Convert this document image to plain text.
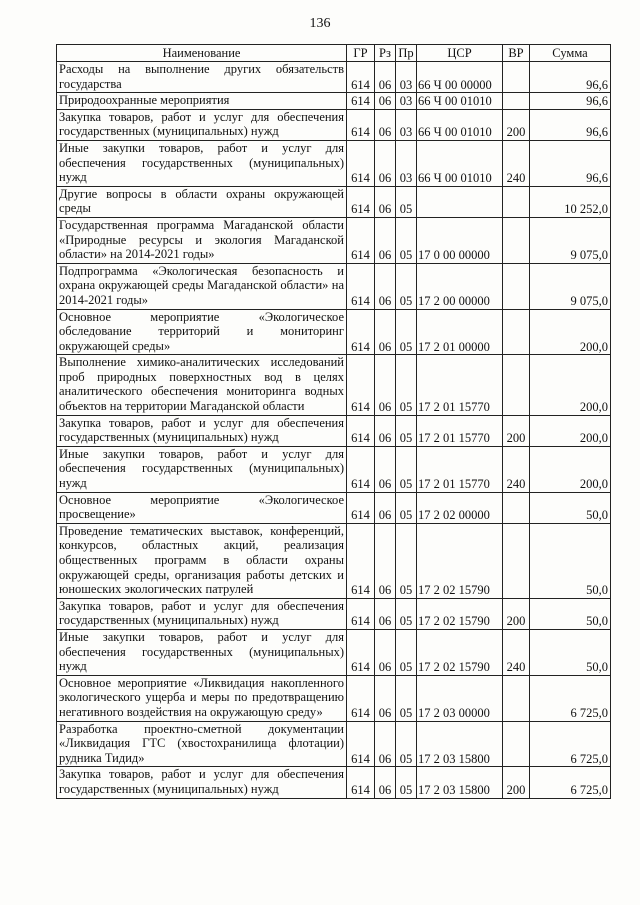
136
Наименование	ГР	Рз	Пр	ЦСР	ВР	Сумма
Расходы на выполнение других обязательств государства	614	06	03	66 Ч 00 00000		96,6
Природоохранные мероприятия	614	06	03	66 Ч 00 01010		96,6
Закупка товаров, работ и услуг для обеспечения государственных (муниципальных) нужд	614	06	03	66 Ч 00 01010	200	96,6
Иные закупки товаров, работ и услуг для обеспечения государственных (муниципальных) нужд	614	06	03	66 Ч 00 01010	240	96,6
Другие вопросы в области охраны окружающей среды	614	06	05			10 252,0
Государственная программа Магаданской области «Природные ресурсы и экология Магаданской области» на 2014-2021 годы»	614	06	05	17 0 00 00000		9 075,0
Подпрограмма «Экологическая безопасность и охрана окружающей среды Магаданской области» на 2014-2021 годы»	614	06	05	17 2 00 00000		9 075,0
Основное мероприятие «Экологическое обследование территорий и мониторинг окружающей среды»	614	06	05	17 2 01 00000		200,0
Выполнение химико-аналитических исследований проб природных поверхностных вод в целях аналитического обеспечения мониторинга водных объектов на территории Магаданской области	614	06	05	17 2 01 15770		200,0
Закупка товаров, работ и услуг для обеспечения государственных (муниципальных) нужд	614	06	05	17 2 01 15770	200	200,0
Иные закупки товаров, работ и услуг для обеспечения государственных (муниципальных) нужд	614	06	05	17 2 01 15770	240	200,0
Основное мероприятие «Экологическое просвещение»	614	06	05	17 2 02 00000		50,0
Проведение тематических выставок, конференций, конкурсов, областных акций, реализация общественных программ в области охраны окружающей среды, организация работы детских и юношеских экологических патрулей	614	06	05	17 2 02 15790		50,0
Закупка товаров, работ и услуг для обеспечения государственных (муниципальных) нужд	614	06	05	17 2 02 15790	200	50,0
Иные закупки товаров, работ и услуг для обеспечения государственных (муниципальных) нужд	614	06	05	17 2 02 15790	240	50,0
Основное мероприятие «Ликвидация накопленного экологического ущерба и меры по предотвращению негативного воздействия на окружающую среду»	614	06	05	17 2 03 00000		6 725,0
Разработка проектно-сметной документации «Ликвидация ГТС (хвостохранилища флотации) рудника Тидид»	614	06	05	17 2 03 15800		6 725,0
Закупка товаров, работ и услуг для обеспечения государственных (муниципальных) нужд	614	06	05	17 2 03 15800	200	6 725,0
